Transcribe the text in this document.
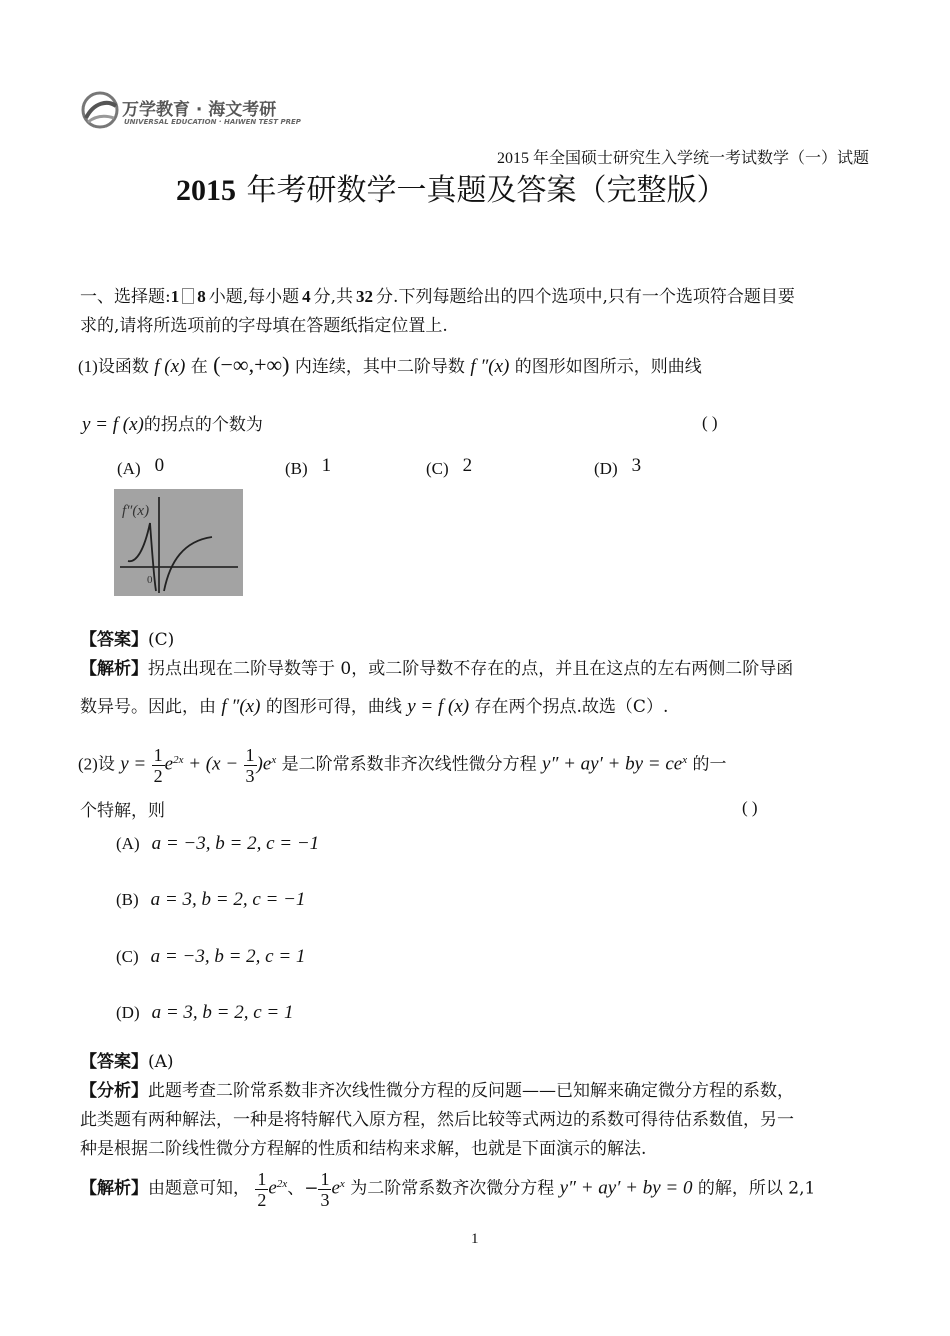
万学教育 · 海文考研
UNIVERSAL EDUCATION · HAIWEN TEST PREP
2015 年全国硕士研究生入学统一考试数学（一）试题
2015 年考研数学一真题及答案（完整版）
一、选择题:1 8 小题,每小题 4 分,共 32 分.下列每题给出的四个选项中,只有一个选项符合题目要
求的,请将所选项前的字母填在答题纸指定位置上.
(1)设函数 f (x) 在 (−∞,+∞) 内连续，其中二阶导数 f ″(x) 的图形如图所示，则曲线
y = f (x)的拐点的个数为	( )
(A) 0	(B) 1	(C) 2	(D) 3
f″(x)
0
【答案】(C)
【解析】拐点出现在二阶导数等于 0，或二阶导数不存在的点，并且在这点的左右两侧二阶导函
数异号。因此，由 f ″(x) 的图形可得，曲线 y = f (x) 存在两个拐点.故选（C）.
(2)设 $y = \frac{1}{2} e^{2x} + (x - \frac{1}{3} )e^x$ 是二阶常系数非齐次线性微分方程 y″ + ay′ + by = $ce^x$ 的一
个特解，则	( )
(A) a = −3, b = 2, c = −1
(B) a = 3, b = 2, c = −1
(C) a = −3, b = 2, c = 1
(D) a = 3, b = 2, c = 1
【答案】(A)
【分析】此题考查二阶常系数非齐次线性微分方程的反问题——已知解来确定微分方程的系数，
此类题有两种解法，一种是将特解代入原方程，然后比较等式两边的系数可得待估系数值，另一
种是根据二阶线性微分方程解的性质和结构来求解，也就是下面演示的解法.
【解析】由题意可知， $\frac{1}{2} e^{2x}$、− $\frac{1}{3} e^x$ 为二阶常系数齐次微分方程 y″ + ay′ + by = 0 的解，所以 2,1
1
